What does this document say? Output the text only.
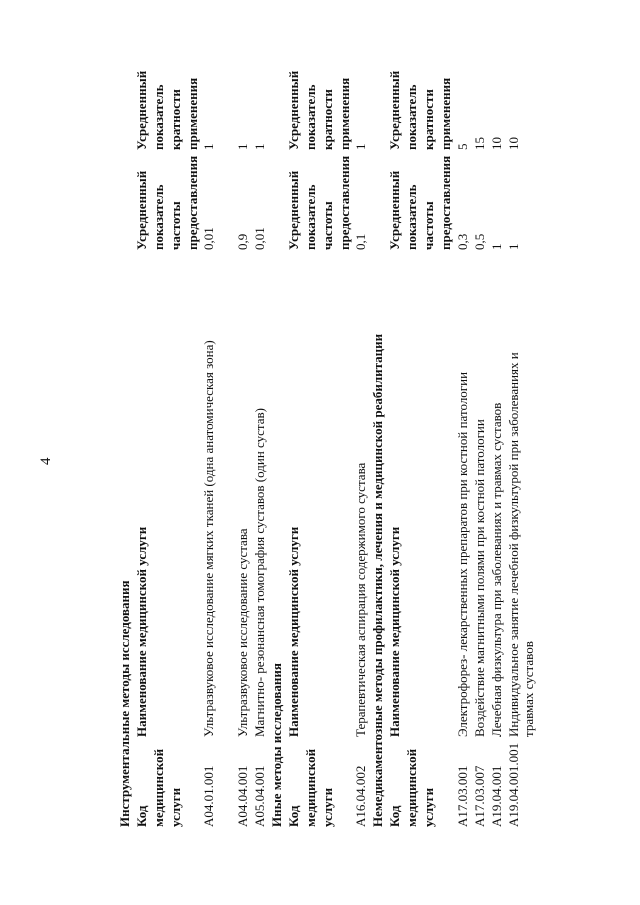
4
Инструментальные методы исследования Код медицинской услуги
Наименование медицинской услуги
Усредненный показатель частоты предоставления
Усредненный показатель кратности применения
A04.01.001
Ультразвуковое исследование мягких тканей (одна анатомическая зона)
0,01
1
A04.04.001
Ультразвуковое исследование сустава
0,9
1
A05.04.001
Магнитно- резонансная томография суставов (один сустав)
0,01
1
Иные методы исследования Код медицинской услуги
Наименование медицинской услуги
Усредненный показатель частоты предоставления
Усредненный показатель кратности применения
A16.04.002
Терапевтическая аспирация содержимого сустава
0,1
1
Немедикаментозные методы профилактики, лечения и медицинской реабилитации Код медицинской услуги
Наименование медицинской услуги
Усредненный показатель частоты предоставления
Усредненный показатель кратности применения
A17.03.001
Электрофорез- лекарственных препаратов при костной патологии
0,3
5
A17.03.007
Воздействие магнитными полями при костной патологии
0,5
15
A19.04.001
Лечебная физкультура при заболеваниях и травмах суставов
1
10
A19.04.001.001
Индивидуальное занятие лечебной физкультурой при заболеваниях и травмах суставов
1
10
